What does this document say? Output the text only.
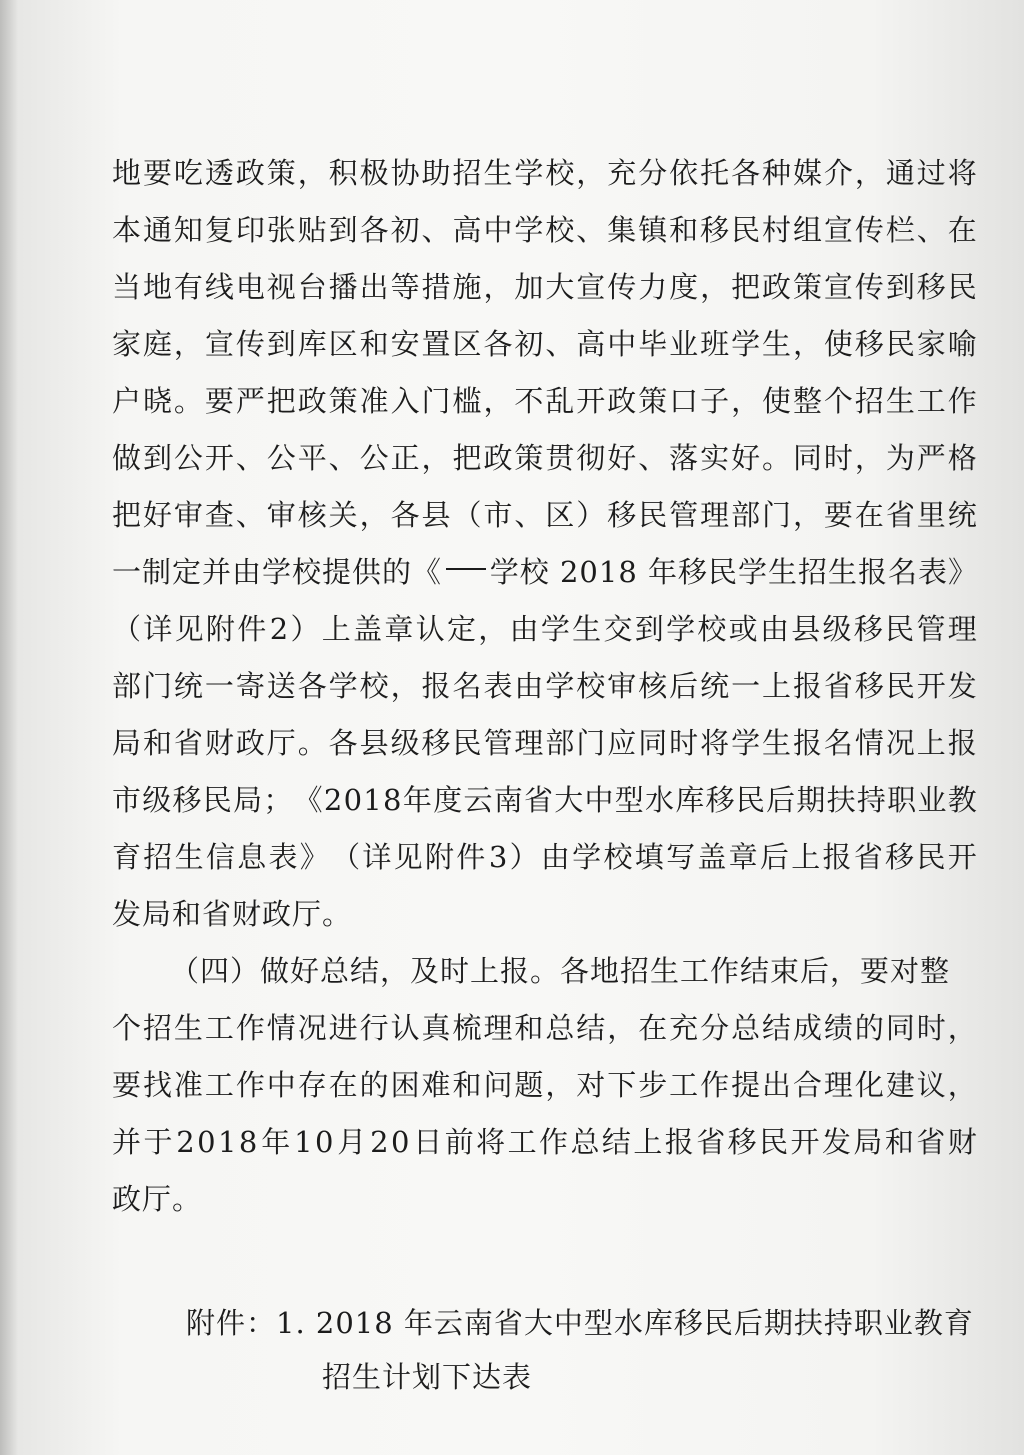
地 要 吃 透 政 策 ， 积 极 协 助 招 生 学 校 ， 充 分 依 托 各 种 媒 介 ， 通 过 将
本 通 知 复 印 张 贴 到 各 初 、 高 中 学 校 、 集 镇 和 移 民 村 组 宣 传 栏 、 在
当 地 有 线 电 视 台 播 出 等 措 施 ， 加 大 宣 传 力 度 ， 把 政 策 宣 传 到 移 民
家 庭 ， 宣 传 到 库 区 和 安 置 区 各 初 、 高 中 毕 业 班 学 生 ， 使 移 民 家 喻
户 晓 。 要 严 把 政 策 准 入 门 槛 ， 不 乱 开 政 策 口 子 ， 使 整 个 招 生 工 作
做 到 公 开 、 公 平 、 公 正 ， 把 政 策 贯 彻 好 、 落 实 好 。 同 时 ， 为 严 格
把 好 审 查 、 审 核 关 ， 各 县 （ 市 、 区 ） 移 民 管 理 部 门 ， 要 在 省 里 统
一制定并由学校提供的《 学校 2018 年移民学生招生报名表》
（ 详 见 附 件 2 ） 上 盖 章 认 定 ， 由 学 生 交 到 学 校 或 由 县 级 移 民 管 理
部 门 统 一 寄 送 各 学 校 ， 报 名 表 由 学 校 审 核 后 统 一 上 报 省 移 民 开 发
局 和 省 财 政 厅 。 各 县 级 移 民 管 理 部 门 应 同 时 将 学 生 报 名 情 况 上 报
市 级 移 民 局 ； 《 2 0 1 8 年 度 云 南 省 大 中 型 水 库 移 民 后 期 扶 持 职 业 教
育 招 生 信 息 表 》 （ 详 见 附 件 3 ） 由 学 校 填 写 盖 章 后 上 报 省 移 民 开
发局和省财政厅。
（四）做好总结，及时上报。各地招生工作结束后，要对整
个 招 生 工 作 情 况 进 行 认 真 梳 理 和 总 结 ， 在 充 分 总 结 成 绩 的 同 时 ，
要 找 准 工 作 中 存 在 的 困 难 和 问 题 ， 对 下 步 工 作 提 出 合 理 化 建 议 ，
并 于 2 0 1 8 年 1 0 月 2 0 日 前 将 工 作 总 结 上 报 省 移 民 开 发 局 和 省 财
政厅。
附件：1. 2018 年云南省大中型水库移民后期扶持职业教育
招生计划下达表
